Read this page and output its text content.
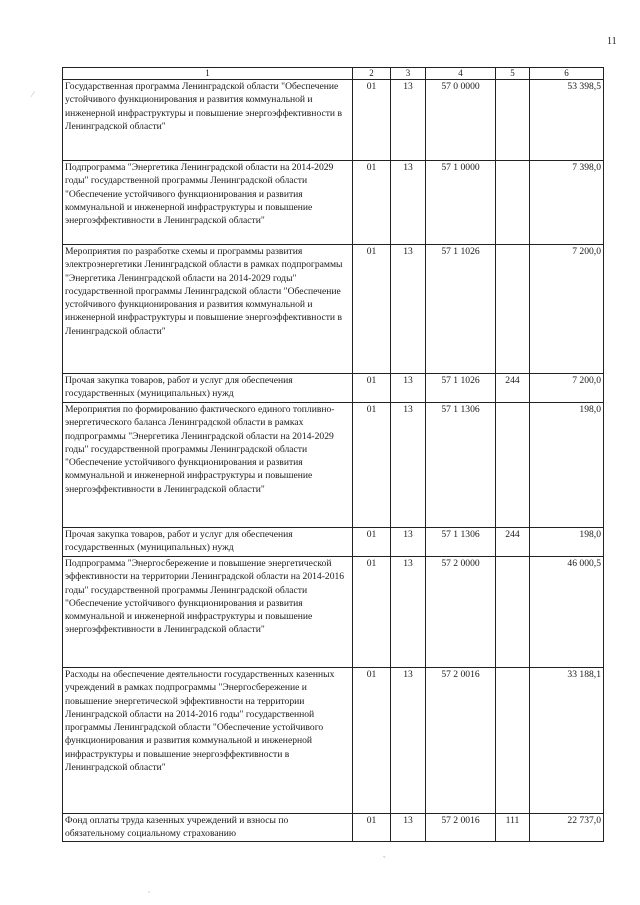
11
1	2	3	4	5	6
Государственная программа Ленинградской области "Обеспечение устойчивого функционирования и развития коммунальной и инженерной инфраструктуры и повышение энергоэффективности в Ленинградской области"	01	13	57 0 0000		53 398,5
Подпрограмма "Энергетика Ленинградской области на 2014-2029 годы" государственной программы Ленинградской области "Обеспечение устойчивого функционирования и развития коммунальной и инженерной инфраструктуры и повышение энергоэффективности в Ленинградской области"	01	13	57 1 0000		7 398,0
Мероприятия по разработке схемы и программы развития электроэнергетики Ленинградской области в рамках подпрограммы "Энергетика Ленинградской области на 2014-2029 годы" государственной программы Ленинградской области "Обеспечение устойчивого функционирования и развития коммунальной и инженерной инфраструктуры и повышение энергоэффективности в Ленинградской области"	01	13	57 1 1026		7 200,0
Прочая закупка товаров, работ и услуг для обеспечения государственных (муниципальных) нужд	01	13	57 1 1026	244	7 200,0
Мероприятия по формированию фактического единого топливно-энергетического баланса Ленинградской области в рамках подпрограммы "Энергетика Ленинградской области на 2014-2029 годы" государственной программы Ленинградской области "Обеспечение устойчивого функционирования и развития коммунальной и инженерной инфраструктуры и повышение энергоэффективности в Ленинградской области"	01	13	57 1 1306		198,0
Прочая закупка товаров, работ и услуг для обеспечения государственных (муниципальных) нужд	01	13	57 1 1306	244	198,0
Подпрограмма "Энергосбережение и повышение энергетической эффективности на территории Ленинградской области на 2014-2016 годы" государственной программы Ленинградской области "Обеспечение устойчивого функционирования и развития коммунальной и инженерной инфраструктуры и повышение энергоэффективности в Ленинградской области"	01	13	57 2 0000		46 000,5
Расходы на обеспечение деятельности государственных казенных учреждений в рамках подпрограммы "Энергосбережение и повышение энергетической эффективности на территории Ленинградской области на 2014-2016 годы" государственной программы Ленинградской области "Обеспечение устойчивого функционирования и развития коммунальной и инженерной инфраструктуры и повышение энергоэффективности в Ленинградской области"	01	13	57 2 0016		33 188,1
Фонд оплаты труда казенных учреждений и взносы по обязательному социальному страхованию	01	13	57 2 0016	111	22 737,0
⁄
ˇ
⸱
